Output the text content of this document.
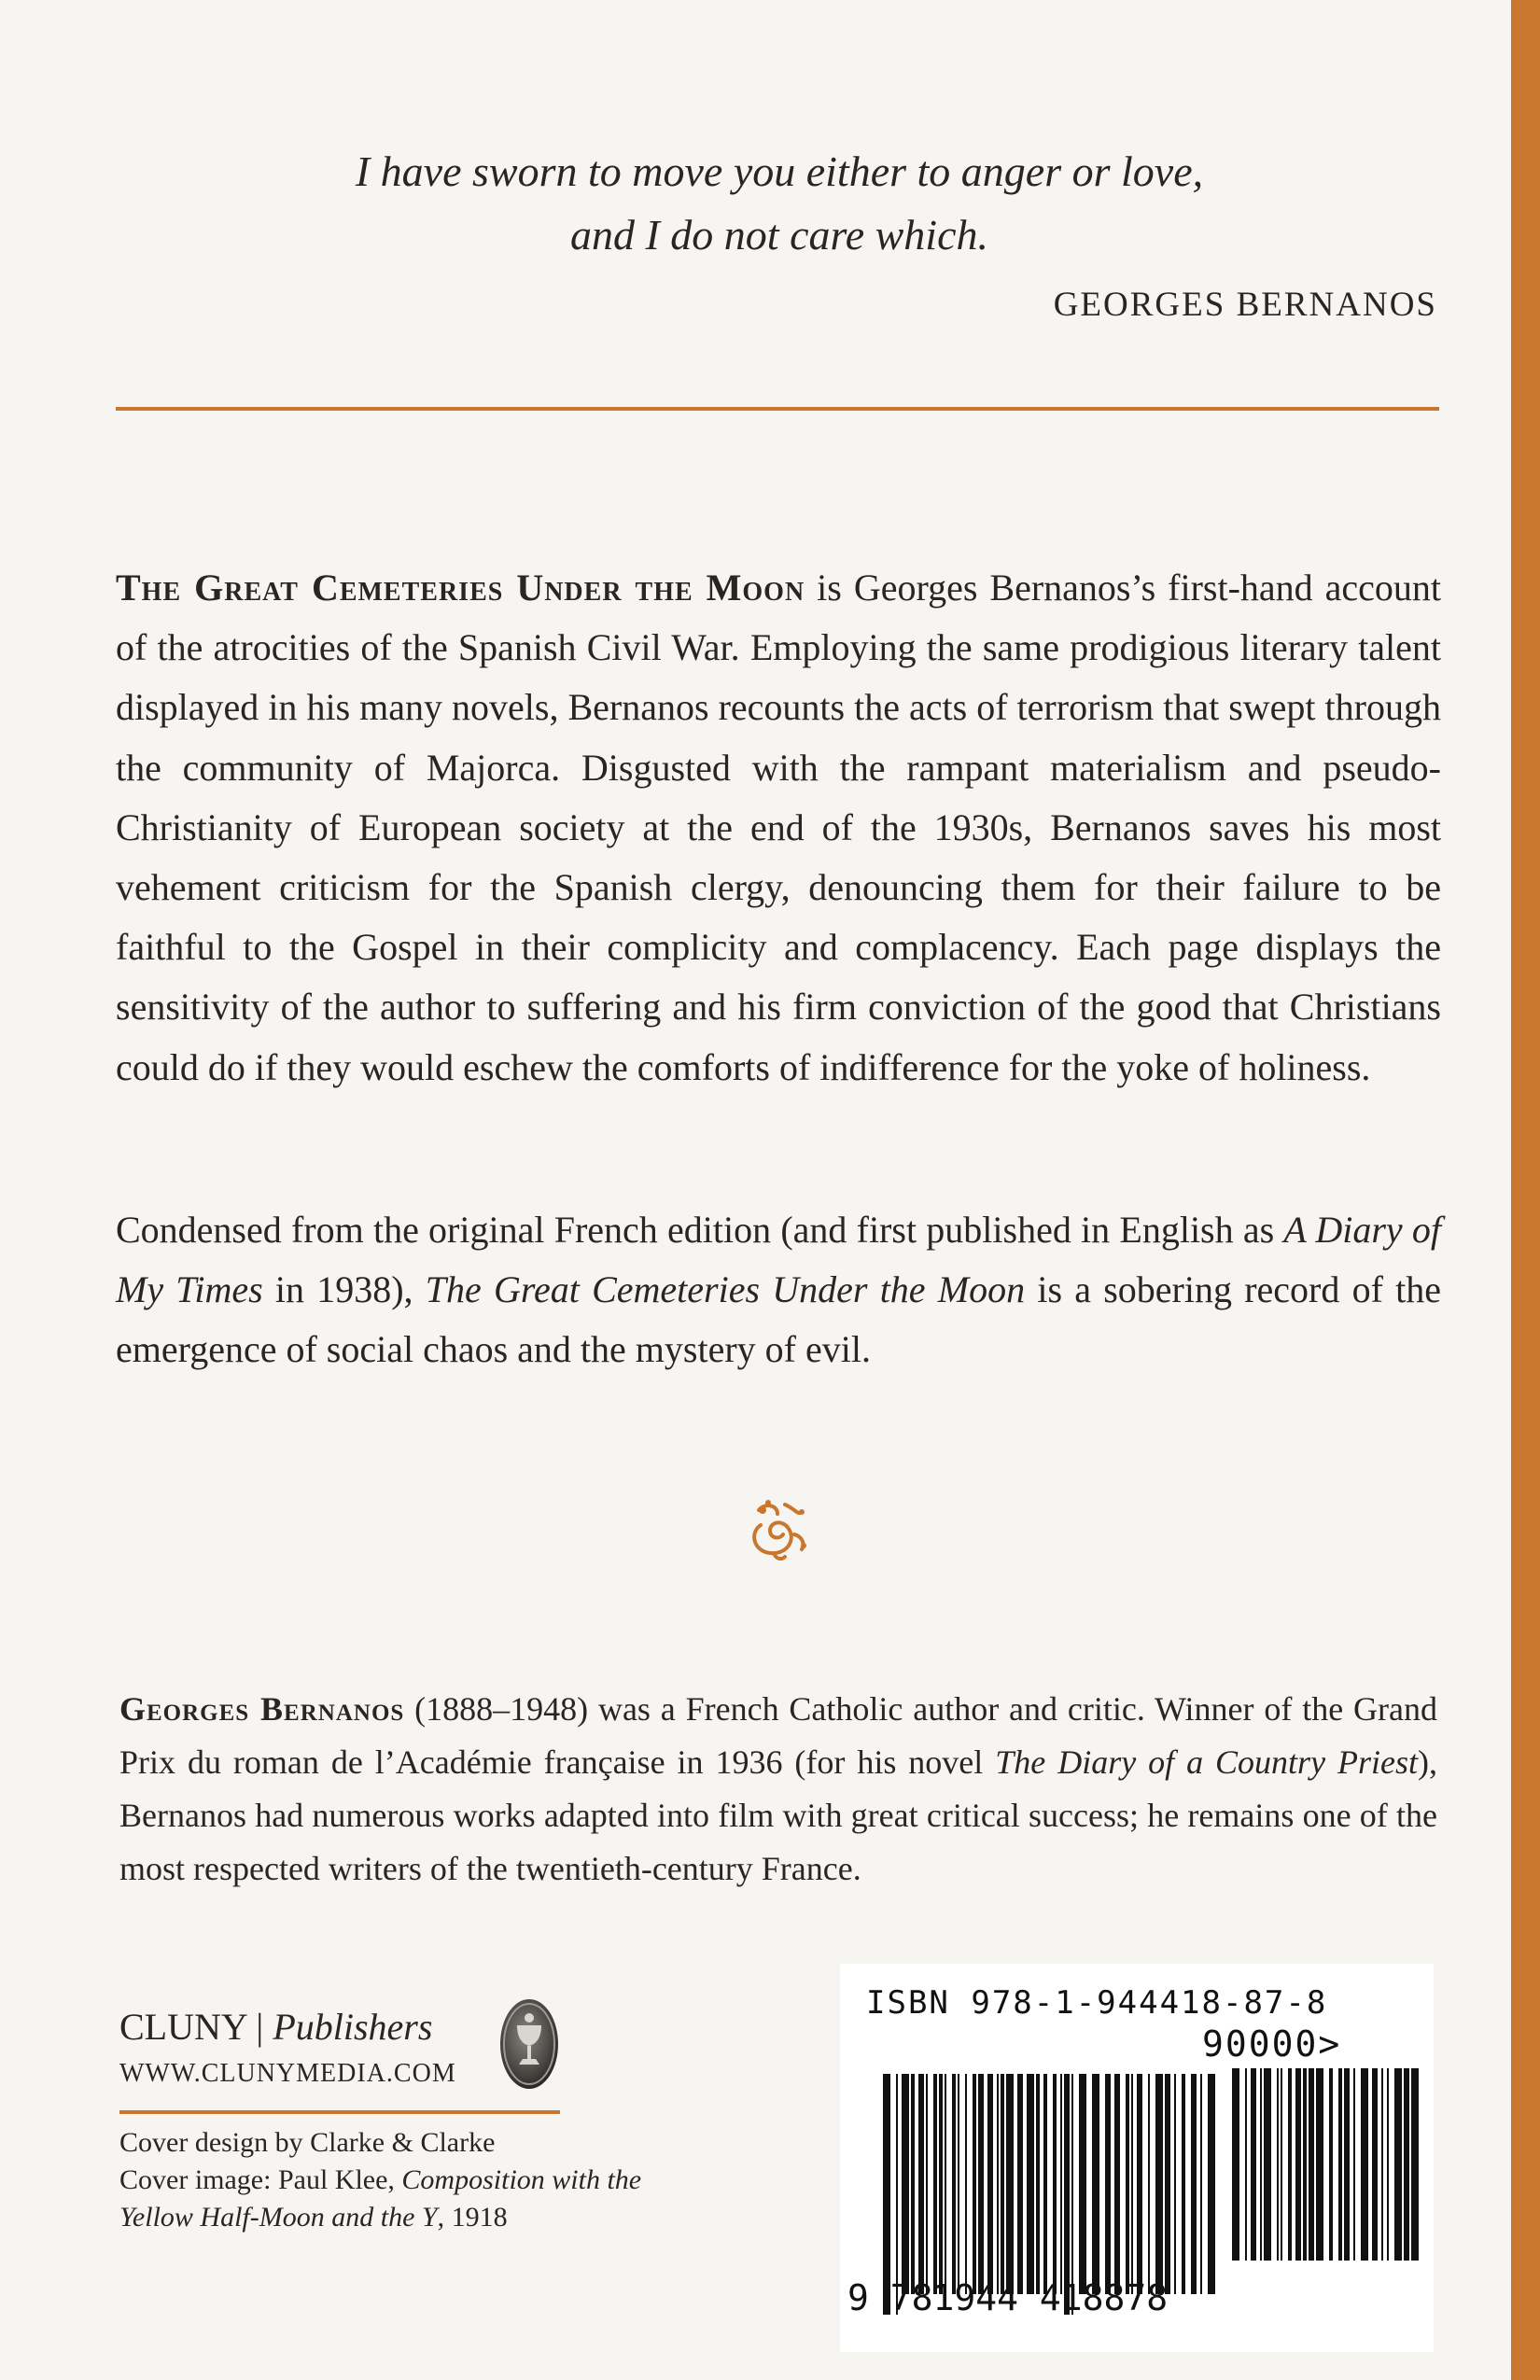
I have sworn to move you either to anger or love,
and I do not care which.

GEORGES BERNANOS

The Great Cemeteries Under the Moon is Georges Bernanos’s first-hand account of the atrocities of the Spanish Civil War. Employing the same prodigious literary talent displayed in his many novels, Bernanos recounts the acts of terrorism that swept through the community of Majorca. Disgusted with the rampant materialism and pseudo-Christianity of European society at the end of the 1930s, Bernanos saves his most vehement criticism for the Spanish clergy, denouncing them for their failure to be faithful to the Gospel in their complicity and complacency. Each page displays the sensitivity of the author to suffering and his firm conviction of the good that Christians could do if they would eschew the comforts of indifference for the yoke of holiness.

Condensed from the original French edition (and first published in English as A Diary of My Times in 1938), The Great Cemeteries Under the Moon is a sobering record of the emergence of social chaos and the mystery of evil.

Georges Bernanos (1888–1948) was a French Catholic author and critic. Winner of the Grand Prix du roman de l’Académie française in 1936 (for his novel The Diary of a Country Priest), Bernanos had numerous works adapted into film with great critical success; he remains one of the most respected writers of the twentieth-century France.

CLUNY | Publishers
WWW.CLUNYMEDIA.COM
Cover design by Clarke & Clarke
Cover image: Paul Klee, Composition with the Yellow Half-Moon and the Y, 1918
ISBN 978-1-944418-87-8
90000>
9 781944 418878
